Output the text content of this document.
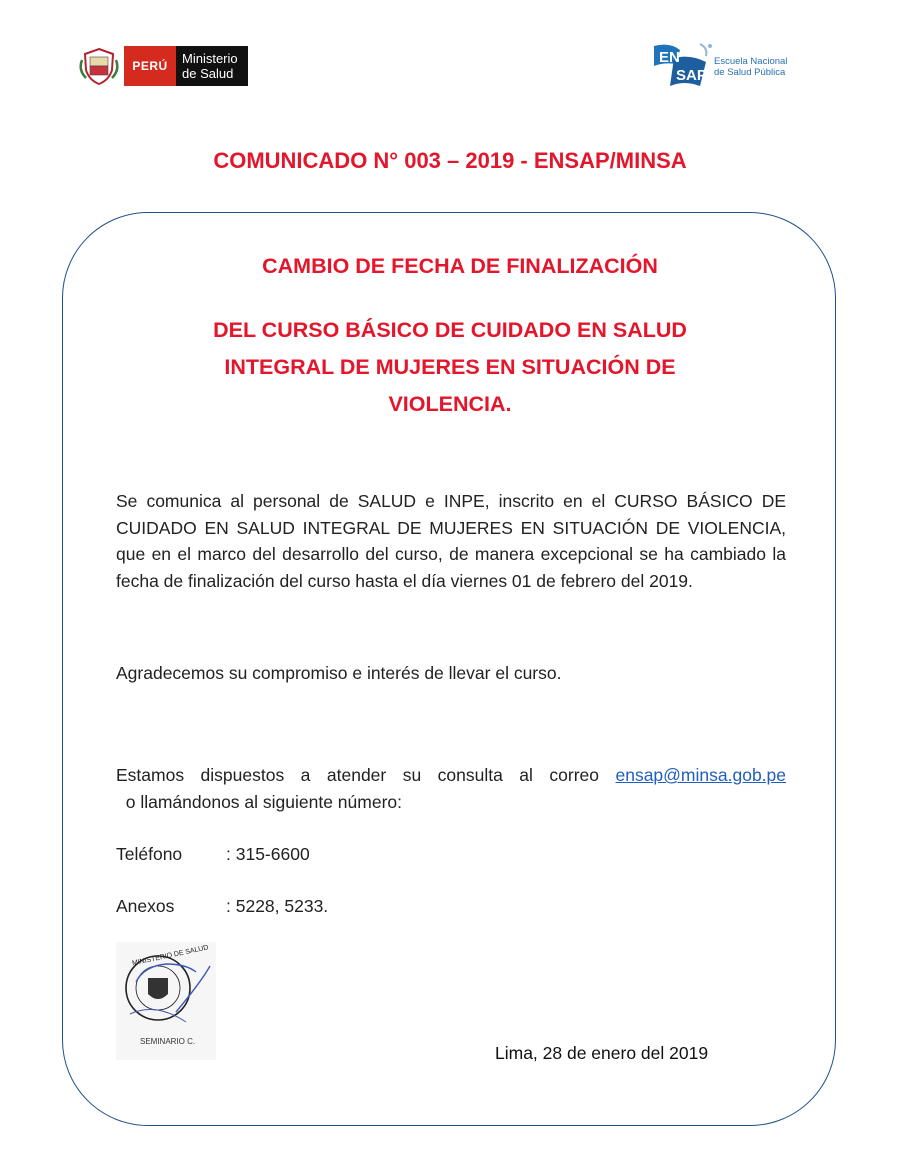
PERÚ	Ministerio
de Salud
EN
SAP
Escuela Nacional
de Salud Pública
COMUNICADO N° 003 – 2019 - ENSAP/MINSA
CAMBIO DE FECHA DE FINALIZACIÓN
DEL CURSO BÁSICO DE CUIDADO EN SALUD
INTEGRAL DE MUJERES EN SITUACIÓN DE
VIOLENCIA.
Se comunica al personal de SALUD e INPE, inscrito en el CURSO BÁSICO DE CUIDADO EN SALUD INTEGRAL DE MUJERES EN SITUACIÓN DE VIOLENCIA, que en el marco del desarrollo del curso, de manera excepcional se ha cambiado la fecha de finalización del curso hasta el día viernes 01 de febrero del 2019.
Agradecemos su compromiso e interés de llevar el curso.
Estamos dispuestos a atender su consulta al correo ensap@minsa.gob.pe  o llamándonos al siguiente número:
Teléfono	: 315-6600
Anexos	: 5228, 5233.
SEMINARIO C.
MINISTERIO DE SALUD
Lima, 28 de enero del 2019
